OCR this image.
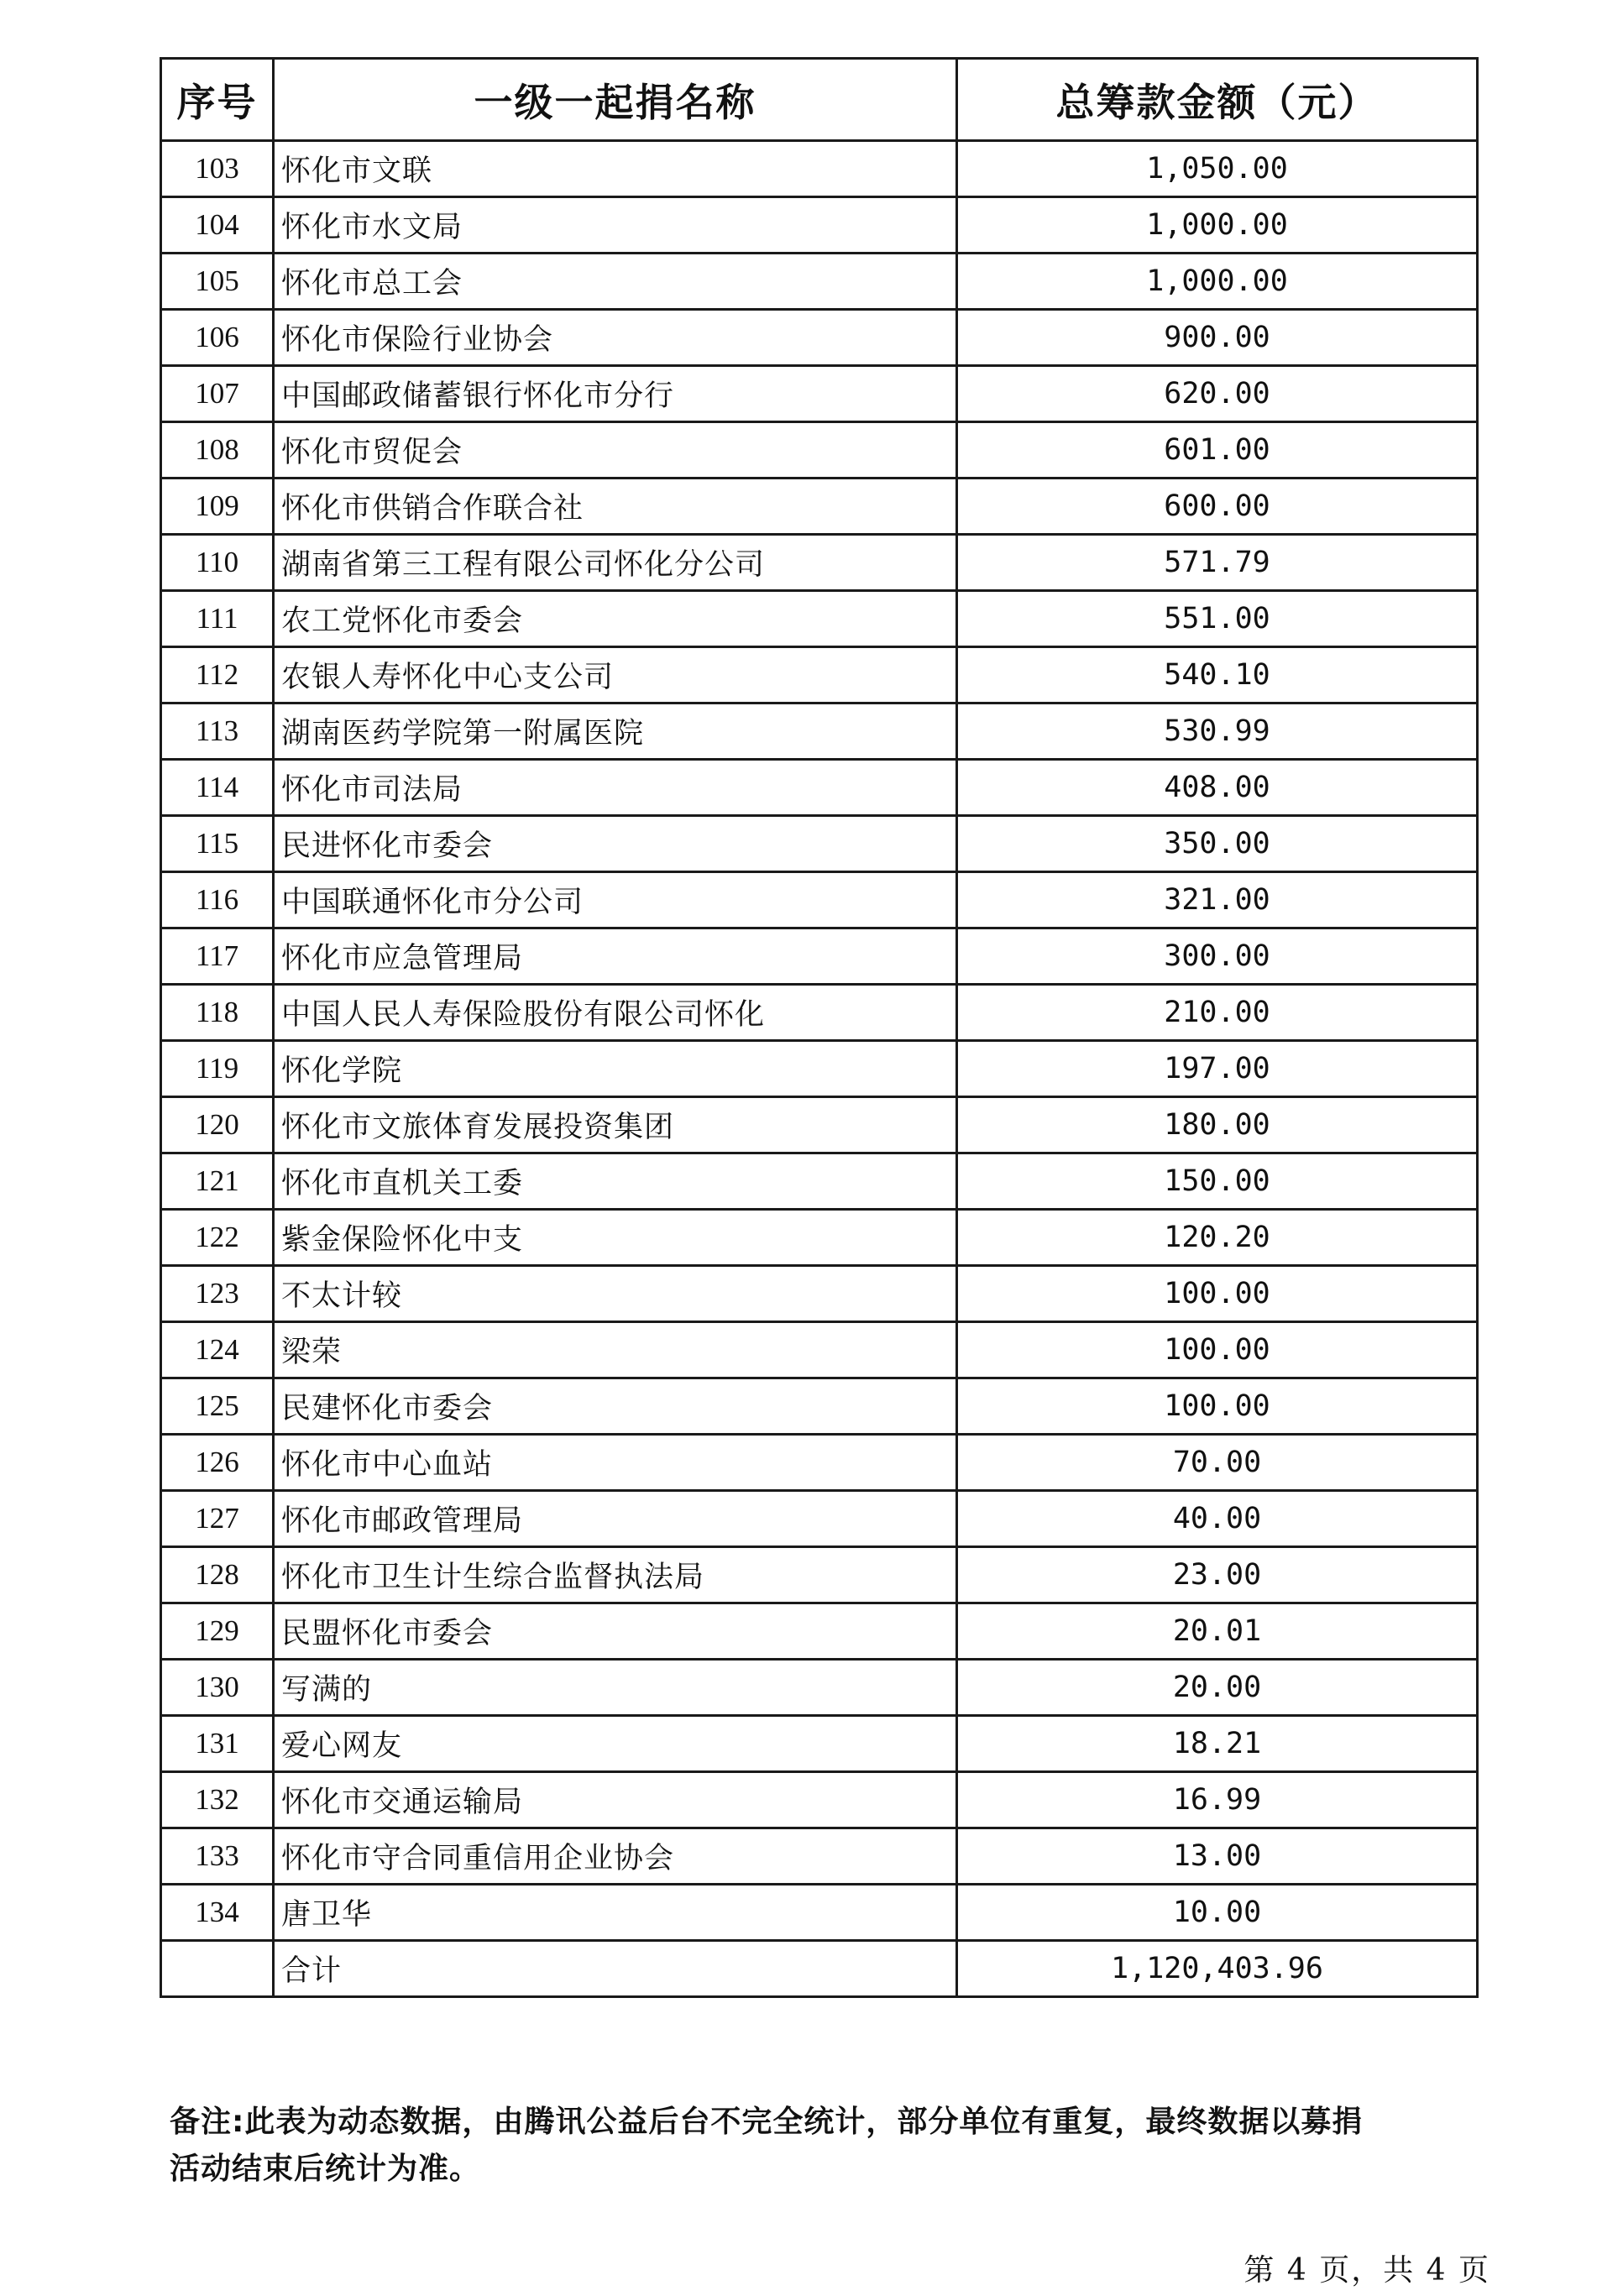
序号	一级一起捐名称	总筹款金额（元）
103	怀化市文联	1,050.00
104	怀化市水文局	1,000.00
105	怀化市总工会	1,000.00
106	怀化市保险行业协会	900.00
107	中国邮政储蓄银行怀化市分行	620.00
108	怀化市贸促会	601.00
109	怀化市供销合作联合社	600.00
110	湖南省第三工程有限公司怀化分公司	571.79
111	农工党怀化市委会	551.00
112	农银人寿怀化中心支公司	540.10
113	湖南医药学院第一附属医院	530.99
114	怀化市司法局	408.00
115	民进怀化市委会	350.00
116	中国联通怀化市分公司	321.00
117	怀化市应急管理局	300.00
118	中国人民人寿保险股份有限公司怀化	210.00
119	怀化学院	197.00
120	怀化市文旅体育发展投资集团	180.00
121	怀化市直机关工委	150.00
122	紫金保险怀化中支	120.20
123	不太计较	100.00
124	梁荣	100.00
125	民建怀化市委会	100.00
126	怀化市中心血站	70.00
127	怀化市邮政管理局	40.00
128	怀化市卫生计生综合监督执法局	23.00
129	民盟怀化市委会	20.01
130	写满的	20.00
131	爱心网友	18.21
132	怀化市交通运输局	16.99
133	怀化市守合同重信用企业协会	13.00
134	唐卫华	10.00
	合计	1,120,403.96
备注:此表为动态数据，由腾讯公益后台不完全统计，部分单位有重复，最终数据以募捐
活动结束后统计为准。
第 4 页，共 4 页
